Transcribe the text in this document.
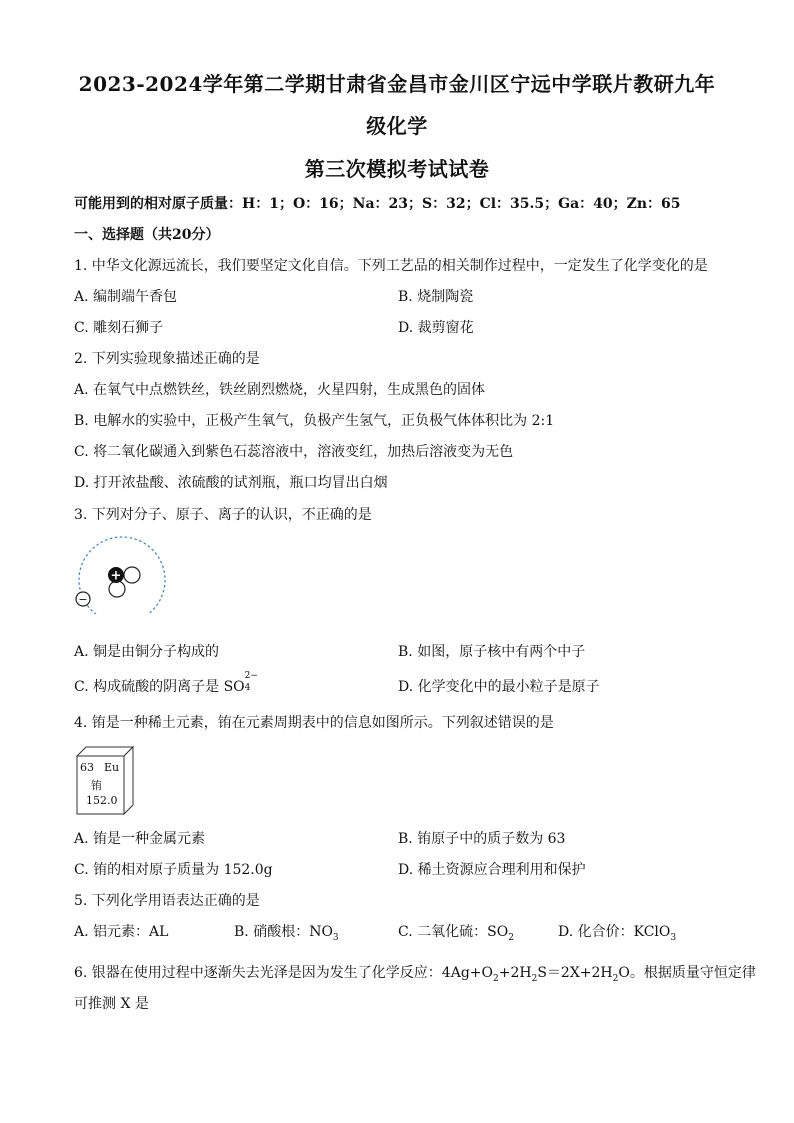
2023-2024学年第二学期甘肃省金昌市金川区宁远中学联片教研九年
级化学
第三次模拟考试试卷
可能用到的相对原子质量：H：1；O：16；Na：23；S：32；Cl：35.5；Ga：40；Zn：65
一、选择题（共20分）
1. 中华文化源远流长，我们要坚定文化自信。下列工艺品的相关制作过程中，一定发生了化学变化的是
A. 编制端午香包	B. 烧制陶瓷
C. 雕刻石狮子	D. 裁剪窗花
2. 下列实验现象描述正确的是
A. 在氧气中点燃铁丝，铁丝剧烈燃烧，火星四射，生成黑色的固体
B. 电解水的实验中，正极产生氧气，负极产生氢气，正负极气体体积比为 2:1
C. 将二氧化碳通入到紫色石蕊溶液中，溶液变红，加热后溶液变为无色
D. 打开浓盐酸、浓硫酸的试剂瓶，瓶口均冒出白烟
3. 下列对分子、原子、离子的认识，不正确的是
+
−
A. 铜是由铜分子构成的	B. 如图，原子核中有两个中子
C. 构成硫酸的阴离子是 SO
2−
4	D. 化学变化中的最小粒子是原子
4. 铕是一种稀土元素，铕在元素周期表中的信息如图所示。下列叙述错误的是
63 Eu
铕
152.0
A. 铕是一种金属元素	B. 铕原子中的质子数为 63
C. 铕的相对原子质量为 152.0g	D. 稀土资源应合理利用和保护
5. 下列化学用语表达正确的是
A. 铝元素：AL	B. 硝酸根：$NO_3$	C. 二氧化硫：$SO_2$	D. 化合价：KClO$_3$
6. 银器在使用过程中逐渐失去光泽是因为发生了化学反应：$4Ag+O_2+2H_2S=2X+2H_2O$。根据质量守恒定律
可推测 X 是
